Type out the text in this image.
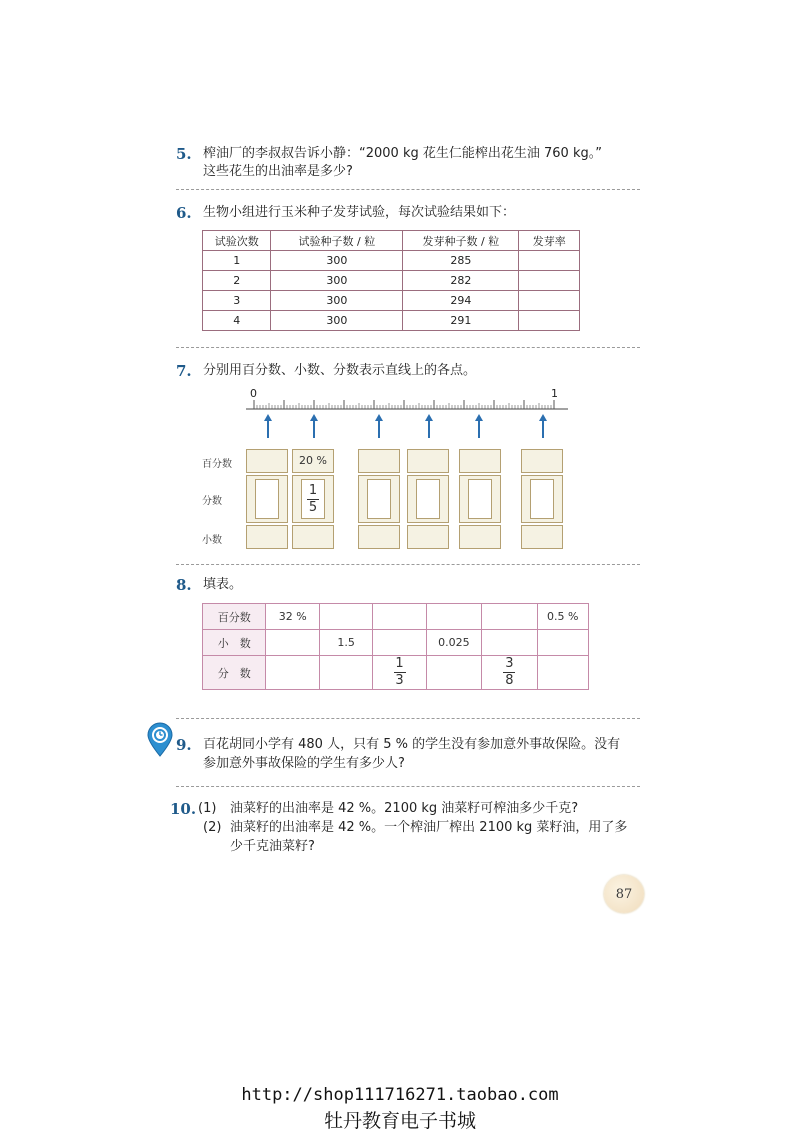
5. 榨油厂的李叔叔告诉小静：“2000 kg 花生仁能榨出花生油 760 kg。”
这些花生的出油率是多少?
6. 生物小组进行玉米种子发芽试验，每次试验结果如下：
试验次数	试验种子数 / 粒	发芽种子数 / 粒	发芽率
1	300	285	
2	300	282	
3	300	294	
4	300	291	
7. 分别用百分数、小数、分数表示直线上的各点。
0	1
百分数
分数
小数
20 %
$\frac{1}{5}$
8. 填表。
百分数	32 %					0.5 %
小　数		1.5		0.025		
分　数			$\frac{1}{3}$		$\frac{3}{8}$

9. 百花胡同小学有 480 人，只有 5 % 的学生没有参加意外事故保险。没有
参加意外事故保险的学生有多少人?
10. (1) 油菜籽的出油率是 42 %。2100 kg 油菜籽可榨油多少千克?
(2) 油菜籽的出油率是 42 %。一个榨油厂榨出 2100 kg 菜籽油，用了多
少千克油菜籽?
87
http://shop111716271.taobao.com
牡丹教育电子书城
